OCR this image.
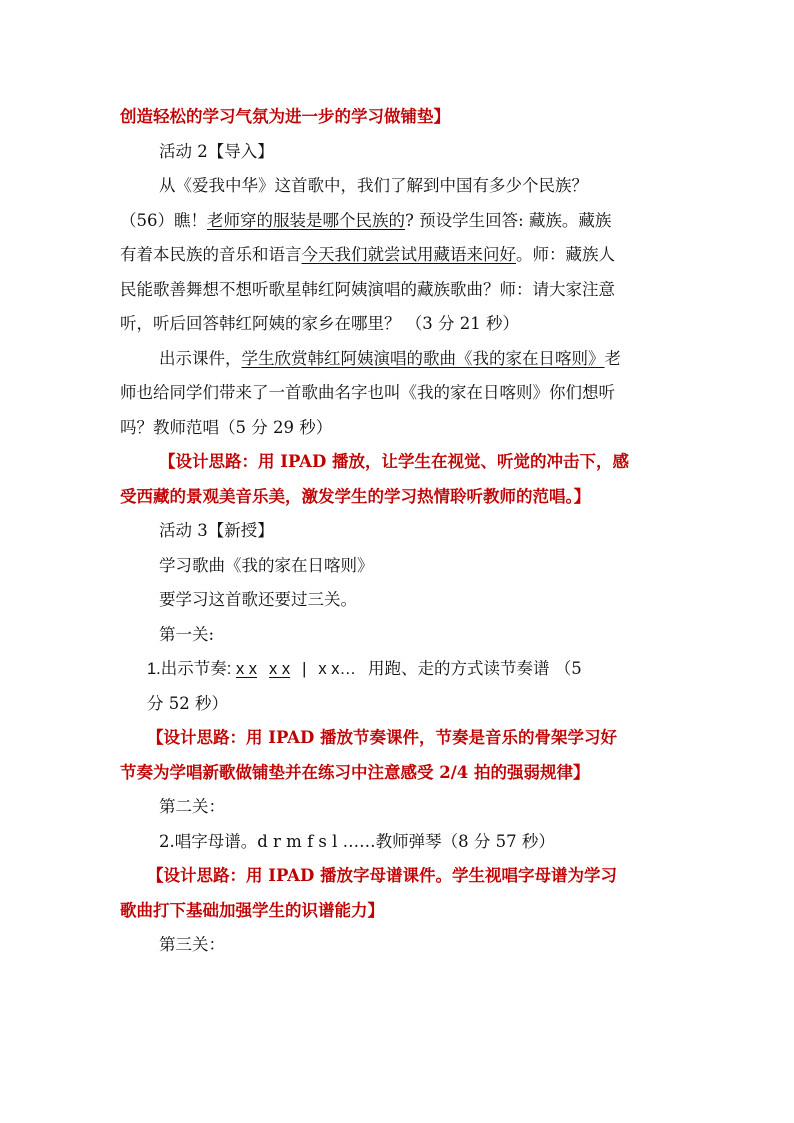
创造轻松的学习气氛为进一步的学习做铺垫】
活动 2【导入】
从《爱我中华》这首歌中，我们了解到中国有多少个民族？
（56）瞧！老师穿的服装是哪个民族的? 预设学生回答: 藏族。藏族
有着本民族的音乐和语言今天我们就尝试用藏语来问好。师：藏族人
民能歌善舞想不想听歌星韩红阿姨演唱的藏族歌曲？师：请大家注意
听，听后回答韩红阿姨的家乡在哪里？ （3 分 21 秒）
出示课件，学生欣赏韩红阿姨演唱的歌曲《我的家在日喀则》老
师也给同学们带来了一首歌曲名字也叫《我的家在日喀则》你们想听
吗？教师范唱（5 分 29 秒）
【设计思路：用 IPAD 播放，让学生在视觉、听觉的冲击下，感
受西藏的景观美音乐美，激发学生的学习热情聆听教师的范唱。】
活动 3【新授】
学习歌曲《我的家在日喀则》
要学习这首歌还要过三关。
第一关:
1.出示节奏: x x x x | x x… 用跑、走的方式读节奏谱 （5
分 52 秒）
【设计思路：用 IPAD 播放节奏课件，节奏是音乐的骨架学习好
节奏为学唱新歌做铺垫并在练习中注意感受 2/4 拍的强弱规律】
第二关：
2.唱字母谱。d r m f s l ……教师弹琴（8 分 57 秒）
【设计思路：用 IPAD 播放字母谱课件。学生视唱字母谱为学习
歌曲打下基础加强学生的识谱能力】
第三关：
